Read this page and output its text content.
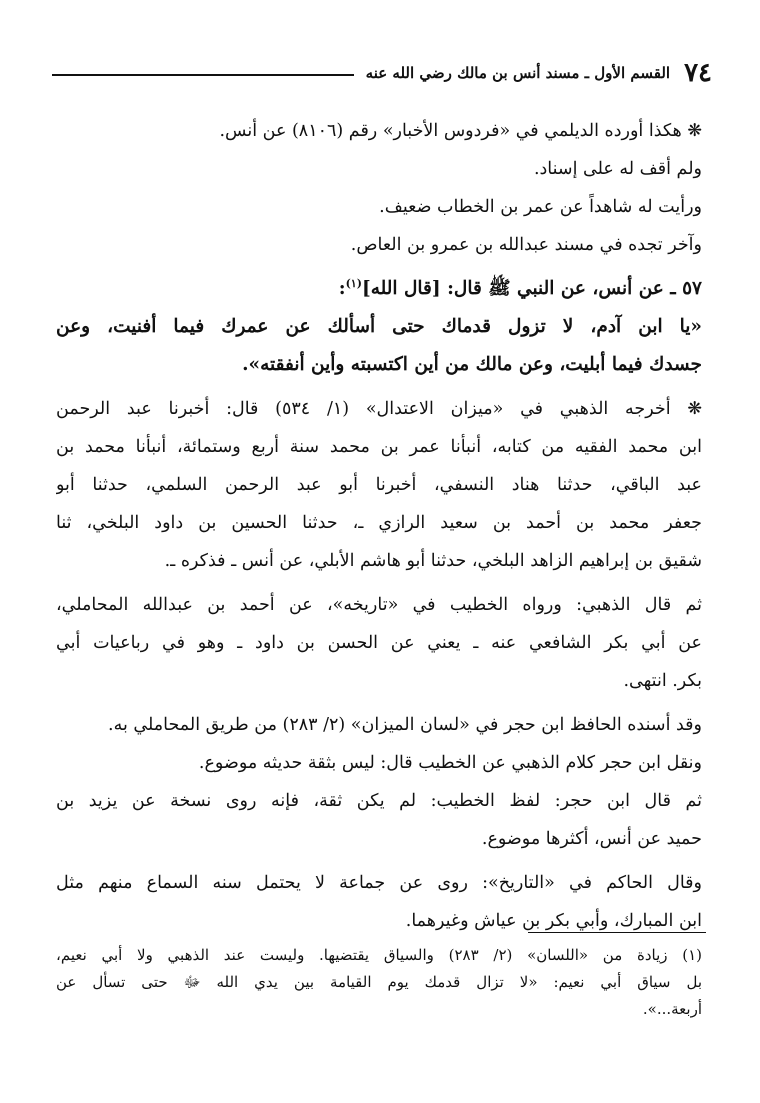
٧٤
القسم الأول ـ مسند أنس بن مالك رضي الله عنه
❋ هكذا أورده الديلمي في «فردوس الأخبار» رقم (٨١٠٦) عن أنس.
ولم أقف له على إسناد.
ورأيت له شاهداً عن عمر بن الخطاب ضعيف.
وآخر تجده في مسند عبدالله بن عمرو بن العاص.
٥٧ ـ عن أنس، عن النبي ﷺ قال: [قال الله]$^{(١)}$:
«يا ابن آدم، لا تزول قدماك حتى أسألك عن عمرك فيما أفنيت، وعن
جسدك فيما أبليت، وعن مالك من أين اكتسبته وأين أنفقته».
❋ أخرجه الذهبي في «ميزان الاعتدال» (١/ ٥٣٤) قال: أخبرنا عبد الرحمن
ابن محمد الفقيه من كتابه، أنبأنا عمر بن محمد سنة أربع وستمائة، أنبأنا محمد بن
عبد الباقي، حدثنا هناد النسفي، أخبرنا أبو عبد الرحمن السلمي، حدثنا أبو
جعفر محمد بن أحمد بن سعيد الرازي ـ، حدثنا الحسين بن داود البلخي، ثنا
شقيق بن إبراهيم الزاهد البلخي، حدثنا أبو هاشم الأبلي، عن أنس ـ فذكره ـ.
ثم قال الذهبي: ورواه الخطيب في «تاريخه»، عن أحمد بن عبدالله المحاملي،
عن أبي بكر الشافعي عنه ـ يعني عن الحسن بن داود ـ وهو في رباعيات أبي
بكر. انتهى.
وقد أسنده الحافظ ابن حجر في «لسان الميزان» (٢/ ٢٨٣) من طريق المحاملي به.
ونقل ابن حجر كلام الذهبي عن الخطيب قال: ليس بثقة حديثه موضوع.
ثم قال ابن حجر: لفظ الخطيب: لم يكن ثقة، فإنه روى نسخة عن يزيد بن
حميد عن أنس، أكثرها موضوع.
وقال الحاكم في «التاريخ»: روى عن جماعة لا يحتمل سنه السماع منهم مثل
ابن المبارك، وأبي بكر بن عياش وغيرهما.
(١) زيادة من «اللسان» (٢/ ٢٨٣) والسياق يقتضيها. وليست عند الذهبي ولا أبي نعيم،
بل سياق أبي نعيم: «لا تزال قدمك يوم القيامة بين يدي الله ﷻ حتى تسأل عن
أربعة...».
